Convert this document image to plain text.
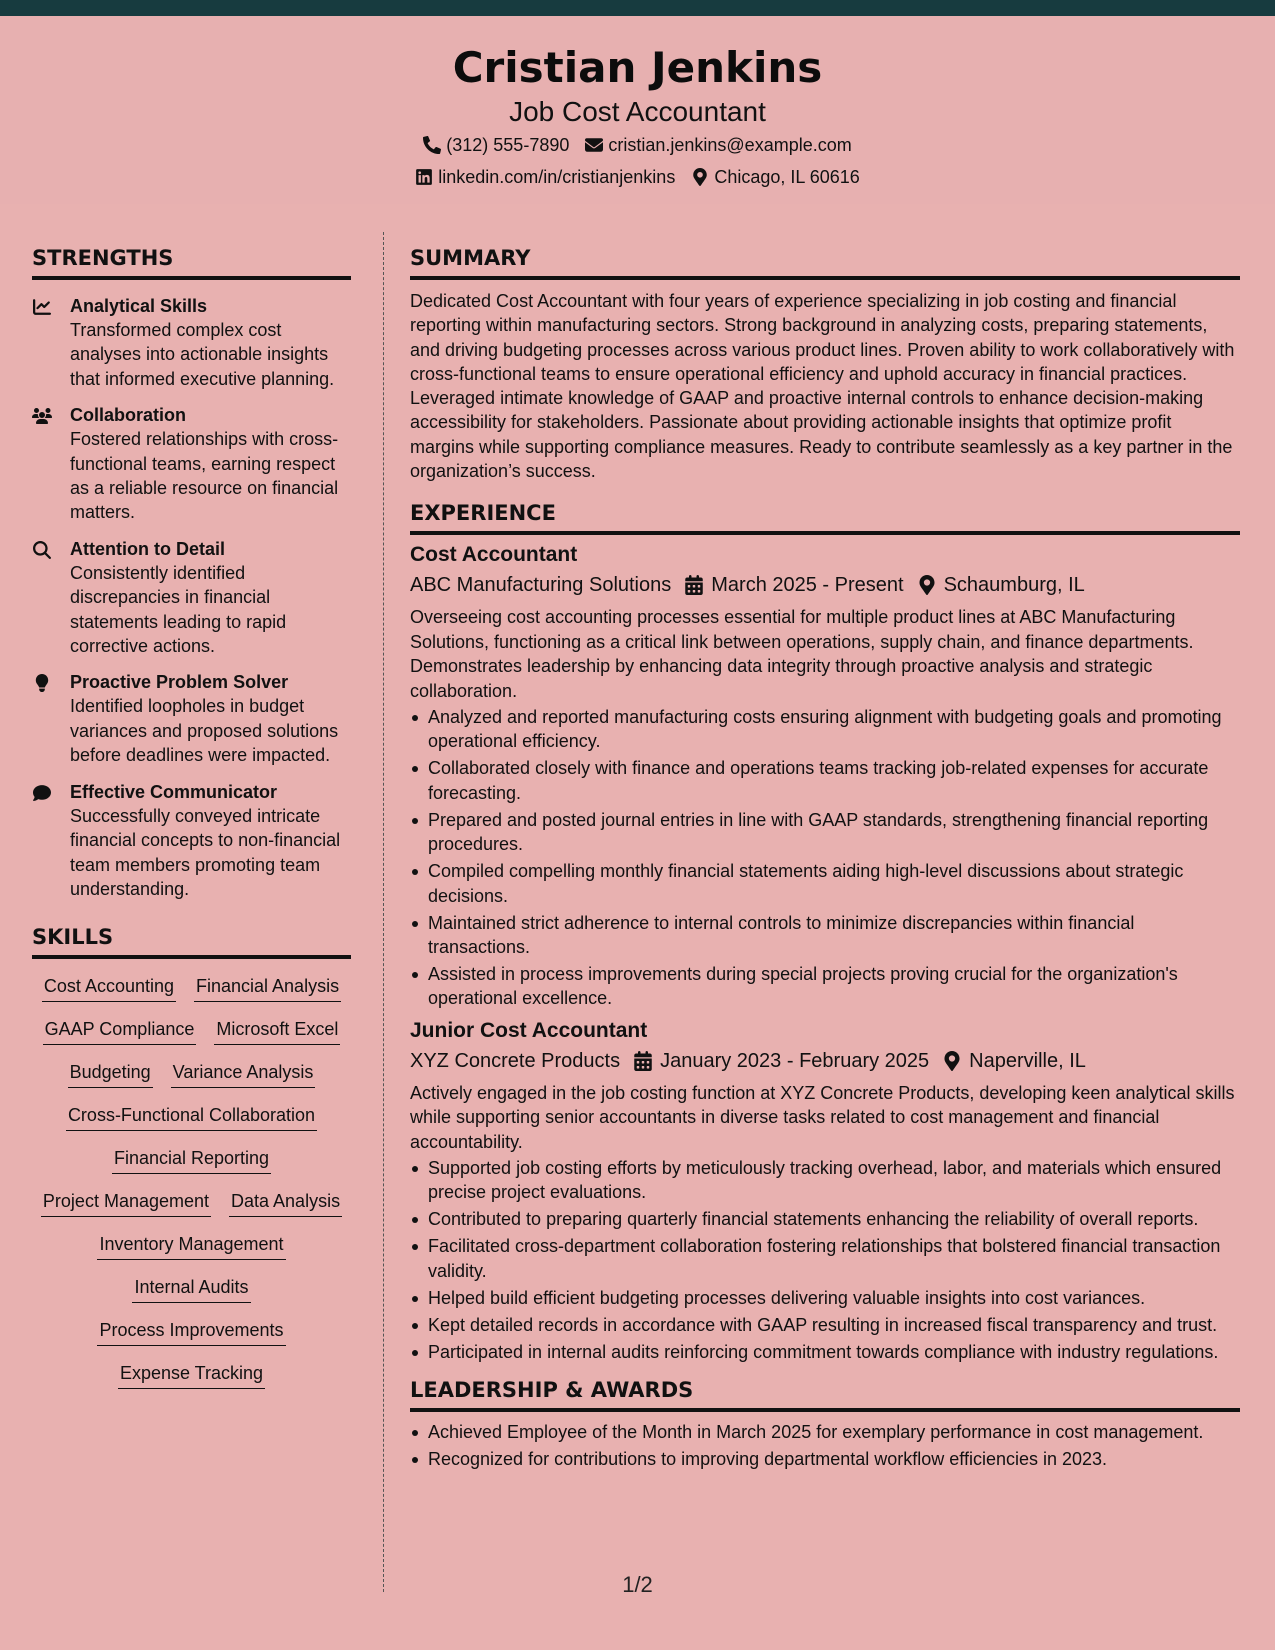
Cristian Jenkins
Job Cost Accountant
(312) 555-7890 cristian.jenkins@example.com
linkedin.com/in/cristianjenkins Chicago, IL 60616
STRENGTHS
Analytical Skills
Transformed complex cost analyses into actionable insights that informed executive planning.
Collaboration
Fostered relationships with cross-functional teams, earning respect as a reliable resource on financial matters.
Attention to Detail
Consistently identified discrepancies in financial statements leading to rapid corrective actions.
Proactive Problem Solver
Identified loopholes in budget variances and proposed solutions before deadlines were impacted.
Effective Communicator
Successfully conveyed intricate financial concepts to non-financial team members promoting team understanding.
SKILLS
Cost Accounting Financial Analysis
GAAP Compliance Microsoft Excel
Budgeting Variance Analysis
Cross-Functional Collaboration
Financial Reporting
Project Management Data Analysis
Inventory Management
Internal Audits
Process Improvements
Expense Tracking
SUMMARY
Dedicated Cost Accountant with four years of experience specializing in job costing and financial reporting within manufacturing sectors. Strong background in analyzing costs, preparing statements, and driving budgeting processes across various product lines. Proven ability to work collaboratively with cross-functional teams to ensure operational efficiency and uphold accuracy in financial practices. Leveraged intimate knowledge of GAAP and proactive internal controls to enhance decision-making accessibility for stakeholders. Passionate about providing actionable insights that optimize profit margins while supporting compliance measures. Ready to contribute seamlessly as a key partner in the organization’s success.
EXPERIENCE
Cost Accountant
ABC Manufacturing Solutions March 2025 - Present Schaumburg, IL
Overseeing cost accounting processes essential for multiple product lines at ABC Manufacturing Solutions, functioning as a critical link between operations, supply chain, and finance departments. Demonstrates leadership by enhancing data integrity through proactive analysis and strategic collaboration.
Analyzed and reported manufacturing costs ensuring alignment with budgeting goals and promoting operational efficiency.
Collaborated closely with finance and operations teams tracking job-related expenses for accurate forecasting.
Prepared and posted journal entries in line with GAAP standards, strengthening financial reporting procedures.
Compiled compelling monthly financial statements aiding high-level discussions about strategic decisions.
Maintained strict adherence to internal controls to minimize discrepancies within financial transactions.
Assisted in process improvements during special projects proving crucial for the organization's operational excellence.
Junior Cost Accountant
XYZ Concrete Products January 2023 - February 2025 Naperville, IL
Actively engaged in the job costing function at XYZ Concrete Products, developing keen analytical skills while supporting senior accountants in diverse tasks related to cost management and financial accountability.
Supported job costing efforts by meticulously tracking overhead, labor, and materials which ensured precise project evaluations.
Contributed to preparing quarterly financial statements enhancing the reliability of overall reports.
Facilitated cross-department collaboration fostering relationships that bolstered financial transaction validity.
Helped build efficient budgeting processes delivering valuable insights into cost variances.
Kept detailed records in accordance with GAAP resulting in increased fiscal transparency and trust.
Participated in internal audits reinforcing commitment towards compliance with industry regulations.
LEADERSHIP & AWARDS
Achieved Employee of the Month in March 2025 for exemplary performance in cost management.
Recognized for contributions to improving departmental workflow efficiencies in 2023.
1/2
